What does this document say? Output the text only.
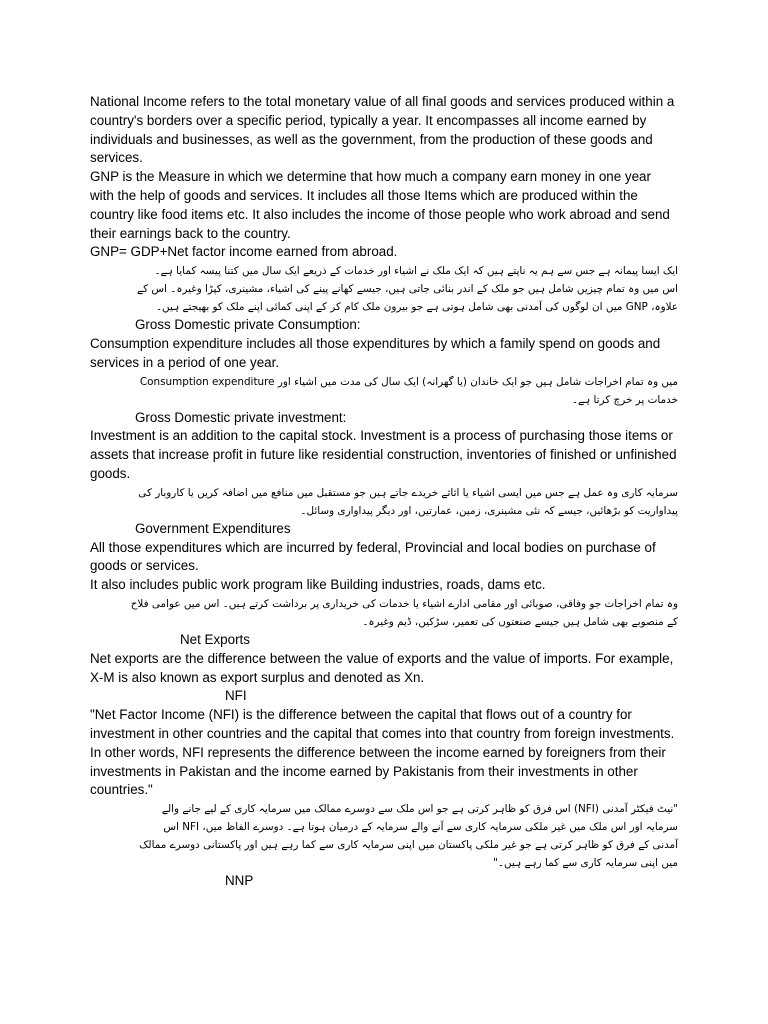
National Income refers to the total monetary value of all final goods and services produced within a country's borders over a specific period, typically a year. It encompasses all income earned by individuals and businesses, as well as the government, from the production of these goods and services.

GNP is the Measure in which we determine that how much a company earn money in one year with the help of goods and services. It includes all those Items which are produced within the country like food items etc. It also includes the income of those people who work abroad and send their earnings back to the country.

GNP= GDP+Net factor income earned from abroad.

ایک ایسا پیمانہ ہے جس سے ہم یہ ناپتے ہیں کہ ایک ملک نے اشیاء اور خدمات کے ذریعے ایک سال میں کتنا پیسہ کمایا ہے۔

اس میں وہ تمام چیزیں شامل ہیں جو ملک کے اندر بنائی جاتی ہیں، جیسے کھانے پینے کی اشیاء، مشینری، کپڑا وغیرہ۔ اس کے

علاوہ، GNP میں ان لوگوں کی آمدنی بھی شامل ہوتی ہے جو بیرون ملک کام کر کے اپنی کمائی اپنے ملک کو بھیجتے ہیں۔

Gross Domestic private Consumption:

Consumption expenditure includes all those expenditures by which a family spend on goods and services in a period of one year.

Consumption expenditure میں وہ تمام اخراجات شامل ہیں جو ایک خاندان (یا گھرانہ) ایک سال کی مدت میں اشیاء اور

خدمات پر خرچ کرتا ہے۔

Gross Domestic private investment:

Investment is an addition to the capital stock. Investment is a process of purchasing those items or assets that increase profit in future like residential construction, inventories of finished or unfinished goods.

سرمایہ کاری وہ عمل ہے جس میں ایسی اشیاء یا اثاثے خریدے جاتے ہیں جو مستقبل میں منافع میں اضافہ کریں یا کاروبار کی

پیداواریت کو بڑھائیں، جیسے کہ نئی مشینری، زمین، عمارتیں، اور دیگر پیداواری وسائل۔

Government Expenditures

All those expenditures which are incurred by federal, Provincial and local bodies on purchase of goods or services.

It also includes public work program like Building industries, roads, dams etc.

وہ تمام اخراجات جو وفاقی، صوبائی اور مقامی ادارے اشیاء یا خدمات کی خریداری پر برداشت کرتے ہیں۔ اس میں عوامی فلاح

کے منصوبے بھی شامل ہیں جیسے صنعتوں کی تعمیر، سڑکیں، ڈیم وغیرہ۔

Net Exports

Net exports are the difference between the value of exports and the value of imports. For example, X-M is also known as export surplus and denoted as Xn.

NFI

"Net Factor Income (NFI) is the difference between the capital that flows out of a country for investment in other countries and the capital that comes into that country from foreign investments. In other words, NFI represents the difference between the income earned by foreigners from their investments in Pakistan and the income earned by Pakistanis from their investments in other countries."

"نیٹ فیکٹر آمدنی (NFI) اس فرق کو ظاہر کرتی ہے جو اس ملک سے دوسرے ممالک میں سرمایہ کاری کے لیے جانے والے

سرمایہ اور اس ملک میں غیر ملکی سرمایہ کاری سے آنے والے سرمایہ کے درمیان ہوتا ہے۔ دوسرے الفاظ میں، NFI اس

آمدنی کے فرق کو ظاہر کرتی ہے جو غیر ملکی پاکستان میں اپنی سرمایہ کاری سے کما رہے ہیں اور پاکستانی دوسرے ممالک

میں اپنی سرمایہ کاری سے کما رہے ہیں۔"

NNP
